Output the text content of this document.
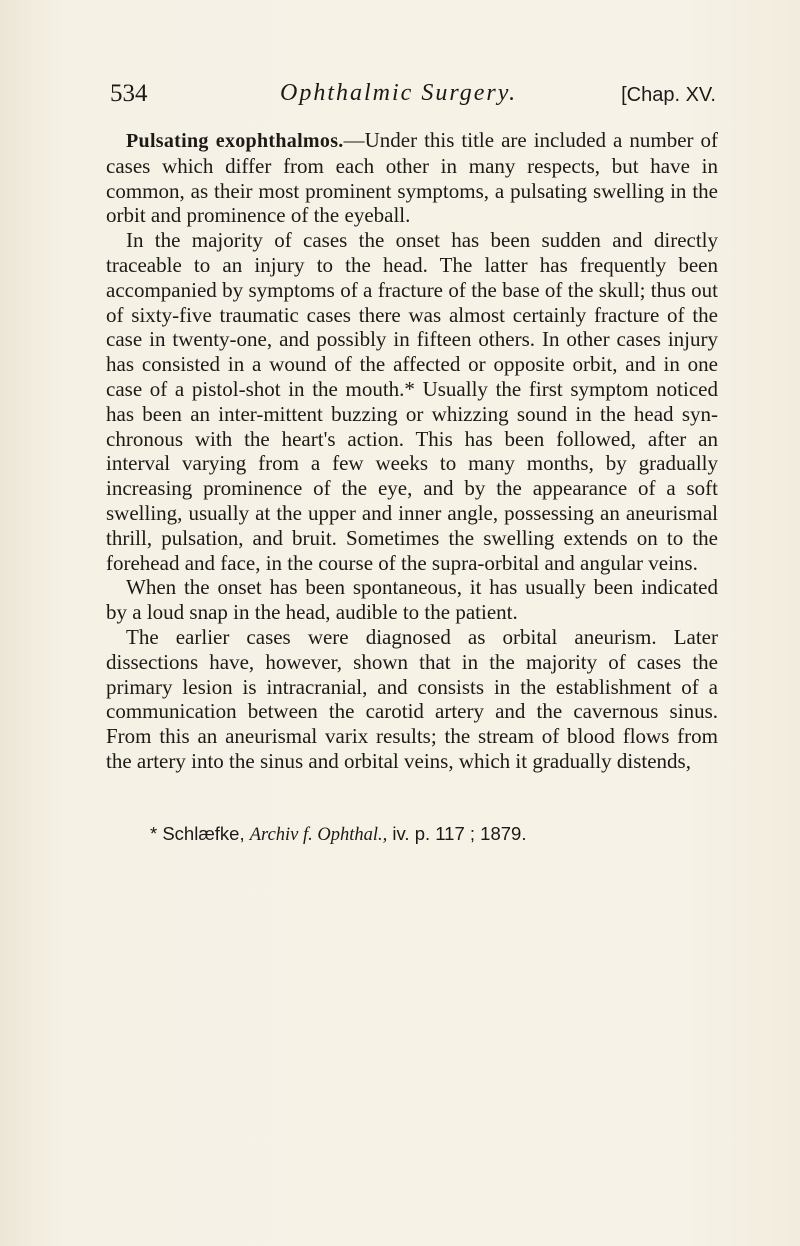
534	Ophthalmic Surgery.	[Chap. XV.

Pulsating exophthalmos.—Under this title are included a number of cases which differ from each other in many respects, but have in common, as their most prominent symptoms, a pulsating swelling in the orbit and prominence of the eyeball.

In the majority of cases the onset has been sudden and directly traceable to an injury to the head. The latter has frequently been accompanied by symptoms of a fracture of the base of the skull; thus out of sixty-five traumatic cases there was almost certainly fracture of the case in twenty-one, and possibly in fifteen others. In other cases injury has consisted in a wound of the affected or opposite orbit, and in one case of a pistol-shot in the mouth.* Usually the first symptom noticed has been an inter-mittent buzzing or whizzing sound in the head syn-chronous with the heart's action. This has been followed, after an interval varying from a few weeks to many months, by gradually increasing prominence of the eye, and by the appearance of a soft swelling, usually at the upper and inner angle, possessing an aneurismal thrill, pulsation, and bruit. Sometimes the swelling extends on to the forehead and face, in the course of the supra-orbital and angular veins.

When the onset has been spontaneous, it has usually been indicated by a loud snap in the head, audible to the patient.

The earlier cases were diagnosed as orbital aneurism. Later dissections have, however, shown that in the majority of cases the primary lesion is intracranial, and consists in the establishment of a communication between the carotid artery and the cavernous sinus. From this an aneurismal varix results; the stream of blood flows from the artery into the sinus and orbital veins, which it gradually distends,

* Schlæfke, Archiv f. Ophthal., iv. p. 117 ; 1879.
